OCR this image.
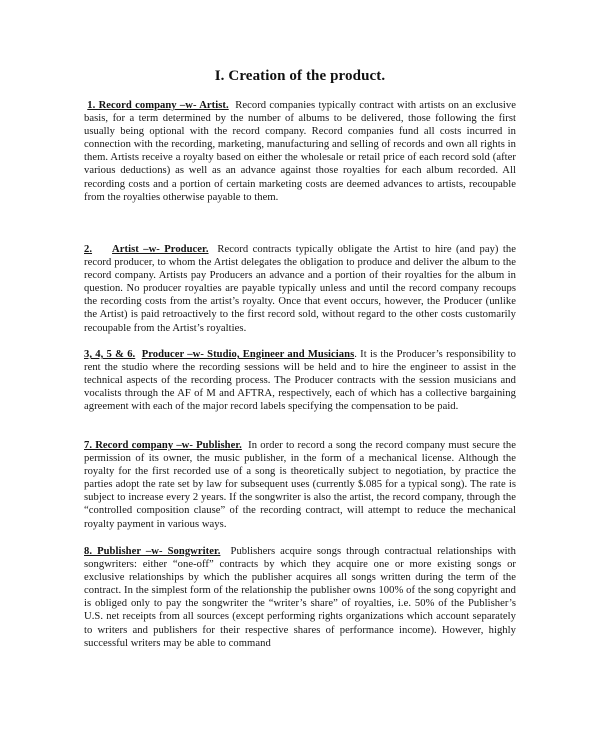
I. Creation of the product.
1. Record company –w- Artist. Record companies typically contract with artists on an exclusive basis, for a term determined by the number of albums to be delivered, those following the first usually being optional with the record company. Record companies fund all costs incurred in connection with the recording, marketing, manufacturing and selling of records and own all rights in them. Artists receive a royalty based on either the wholesale or retail price of each record sold (after various deductions) as well as an advance against those royalties for each album recorded. All recording costs and a portion of certain marketing costs are deemed advances to artists, recoupable from the royalties otherwise payable to them.
2. Artist –w- Producer. Record contracts typically obligate the Artist to hire (and pay) the record producer, to whom the Artist delegates the obligation to produce and deliver the album to the record company. Artists pay Producers an advance and a portion of their royalties for the album in question. No producer royalties are payable typically unless and until the record company recoups the recording costs from the artist’s royalty. Once that event occurs, however, the Producer (unlike the Artist) is paid retroactively to the first record sold, without regard to the other costs customarily recoupable from the Artist’s royalties.
3, 4, 5 & 6. Producer –w- Studio, Engineer and Musicians. It is the Producer’s responsibility to rent the studio where the recording sessions will be held and to hire the engineer to assist in the technical aspects of the recording process. The Producer contracts with the session musicians and vocalists through the AF of M and AFTRA, respectively, each of which has a collective bargaining agreement with each of the major record labels specifying the compensation to be paid.
7. Record company –w- Publisher. In order to record a song the record company must secure the permission of its owner, the music publisher, in the form of a mechanical license. Although the royalty for the first recorded use of a song is theoretically subject to negotiation, by practice the parties adopt the rate set by law for subsequent uses (currently $.085 for a typical song). The rate is subject to increase every 2 years. If the songwriter is also the artist, the record company, through the “controlled composition clause” of the recording contract, will attempt to reduce the mechanical royalty payment in various ways.
8. Publisher –w- Songwriter. Publishers acquire songs through contractual relationships with songwriters: either “one-off” contracts by which they acquire one or more existing songs or exclusive relationships by which the publisher acquires all songs written during the term of the contract. In the simplest form of the relationship the publisher owns 100% of the song copyright and is obliged only to pay the songwriter the “writer’s share” of royalties, i.e. 50% of the Publisher’s U.S. net receipts from all sources (except performing rights organizations which account separately to writers and publishers for their respective shares of performance income). However, highly successful writers may be able to command
